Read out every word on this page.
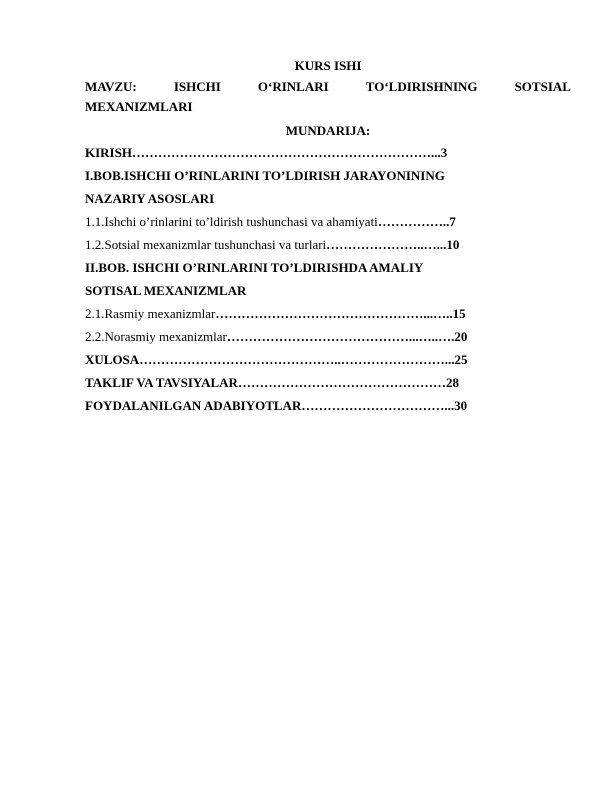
KURS ISHI
MAVZU:	ISHCHI	O‘RINLARI	TO‘LDIRISHNING	SOTSIAL
MEXANIZMLARI
MUNDARIJA:
KIRISH……………………………………………………………...3
I.BOB.ISHCHI O’RINLARINI TO’LDIRISH JARAYONINING
NAZARIY ASOSLARI
1.1.Ishchi o’rinlarini to’ldirish tushunchasi va ahamiyati……………..7
1.2.Sotsial mexanizmlar tushunchasi va turlari…………………..…...10
II.BOB. ISHCHI O’RINLARINI TO’LDIRISHDA AMALIY
SOTISAL MEXANIZMLAR
2.1.Rasmiy mexanizmlar…………………………………………...…..15
2.2.Norasmiy mexanizmlar……………………………………...…..….20
XULOSA………………………………………..……………………...25
TAKLIF VA TAVSIYALAR…………………………………………28
FOYDALANILGAN ADABIYOTLAR……………………………...30
